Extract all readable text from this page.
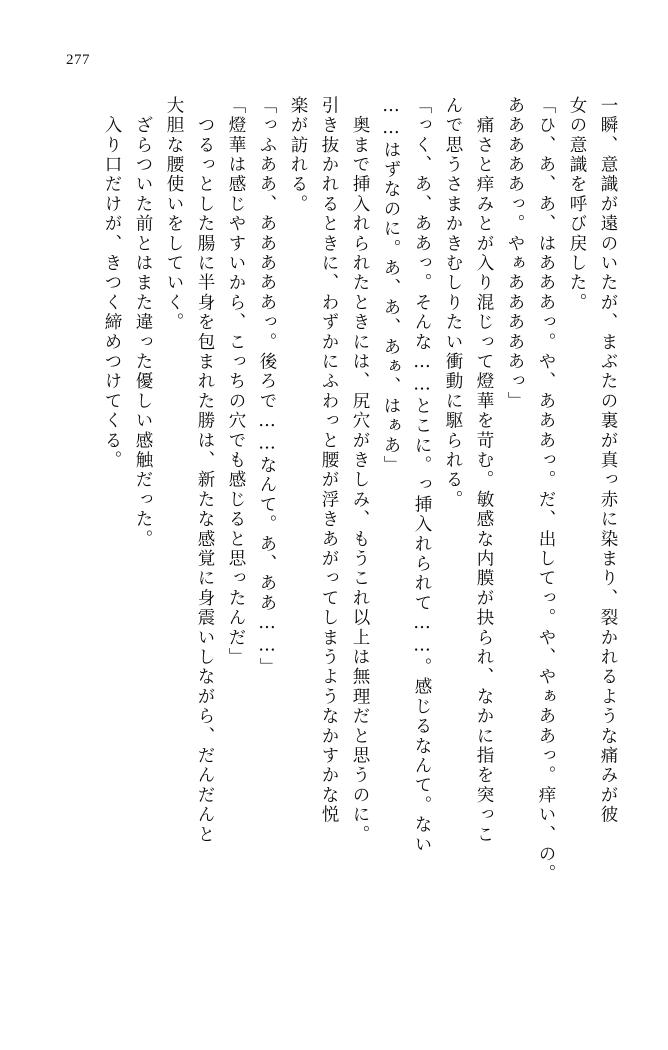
277
一瞬、意識が遠のいたが、まぶたの裏が真っ赤に染まり、裂かれるような痛みが彼
女の意識を呼び戻した。
「ひ、あ、あ、はあああっ。や、あああっ。だ、出してっ。や、やぁああっ。痒い、の。
あああああっ。やぁあああああっ」
　痛さと痒みとが入り混じって燈華を苛む。敏感な内膜が抉られ、なかに指を突っこ
んで思うさまかきむしりたい衝動に駆られる。
「っく、あ、ああっ。そんな……とこに。っ挿入れられて……。感じるなんて。ない
……はずなのに。あ、あ、あぁ、はぁあ」
　奥まで挿入れられたときには、尻穴がきしみ、もうこれ以上は無理だと思うのに。
引き抜かれるときに、わずかにふわっと腰が浮きあがってしまうようなかすかな悦
楽が訪れる。
「っふああ、あああああっ。後ろで……なんて。あ、ああ……」
「燈華は感じやすいから、こっちの穴でも感じると思ったんだ」
　つるっとした腸に半身を包まれた勝は、新たな感覚に身震いしながら、だんだんと
大胆な腰使いをしていく。
　ざらついた前とはまた違った優しい感触だった。
　入り口だけが、きつく締めつけてくる。
